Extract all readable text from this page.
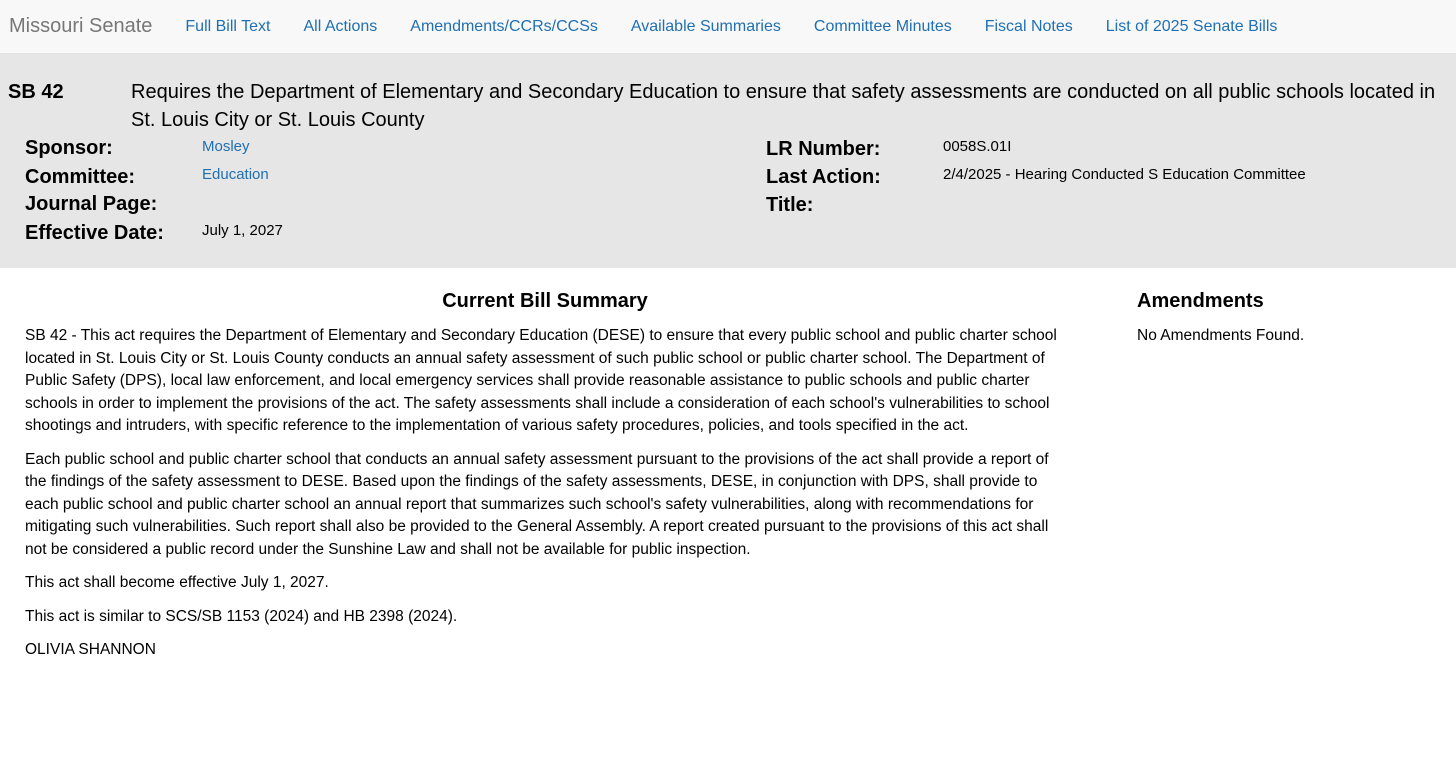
Missouri Senate Full Bill Text All Actions Amendments/CCRs/CCSs Available Summaries Committee Minutes Fiscal Notes List of 2025 Senate Bills
SB 42	Requires the Department of Elementary and Secondary Education to ensure that safety assessments are conducted on all public schools located in St. Louis City or St. Louis County
Sponsor:	Mosley
Committee:	Education
Journal Page:
Effective Date:	July 1, 2027
LR Number:	0058S.01I
Last Action:	2/4/2025 - Hearing Conducted S Education Committee
Title:
Current Bill Summary

SB 42 - This act requires the Department of Elementary and Secondary Education (DESE) to ensure that every public school and public charter school located in St. Louis City or St. Louis County conducts an annual safety assessment of such public school or public charter school. The Department of Public Safety (DPS), local law enforcement, and local emergency services shall provide reasonable assistance to public schools and public charter schools in order to implement the provisions of the act. The safety assessments shall include a consideration of each school's vulnerabilities to school shootings and intruders, with specific reference to the implementation of various safety procedures, policies, and tools specified in the act.

Each public school and public charter school that conducts an annual safety assessment pursuant to the provisions of the act shall provide a report of the findings of the safety assessment to DESE. Based upon the findings of the safety assessments, DESE, in conjunction with DPS, shall provide to each public school and public charter school an annual report that summarizes such school's safety vulnerabilities, along with recommendations for mitigating such vulnerabilities. Such report shall also be provided to the General Assembly. A report created pursuant to the provisions of this act shall not be considered a public record under the Sunshine Law and shall not be available for public inspection.

This act shall become effective July 1, 2027.

This act is similar to SCS/SB 1153 (2024) and HB 2398 (2024).

OLIVIA SHANNON

Amendments

No Amendments Found.
